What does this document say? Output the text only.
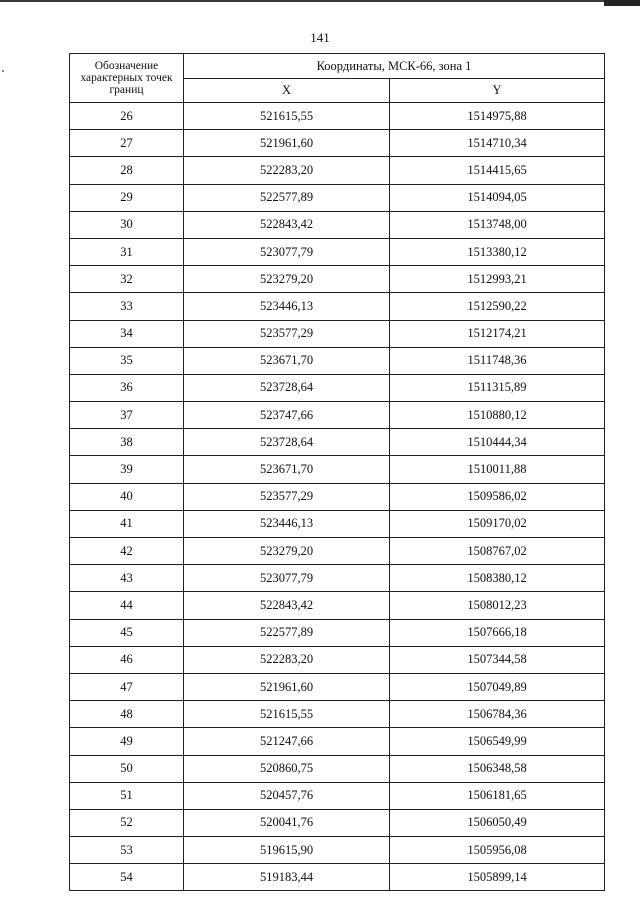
141
Обозначение характерных точек границ	Координаты, МСК-66, зона 1	
	X	Y
26	521615,55	1514975,88
27	521961,60	1514710,34
28	522283,20	1514415,65
29	522577,89	1514094,05
30	522843,42	1513748,00
31	523077,79	1513380,12
32	523279,20	1512993,21
33	523446,13	1512590,22
34	523577,29	1512174,21
35	523671,70	1511748,36
36	523728,64	1511315,89
37	523747,66	1510880,12
38	523728,64	1510444,34
39	523671,70	1510011,88
40	523577,29	1509586,02
41	523446,13	1509170,02
42	523279,20	1508767,02
43	523077,79	1508380,12
44	522843,42	1508012,23
45	522577,89	1507666,18
46	522283,20	1507344,58
47	521961,60	1507049,89
48	521615,55	1506784,36
49	521247,66	1506549,99
50	520860,75	1506348,58
51	520457,76	1506181,65
52	520041,76	1506050,49
53	519615,90	1505956,08
54	519183,44	1505899,14
